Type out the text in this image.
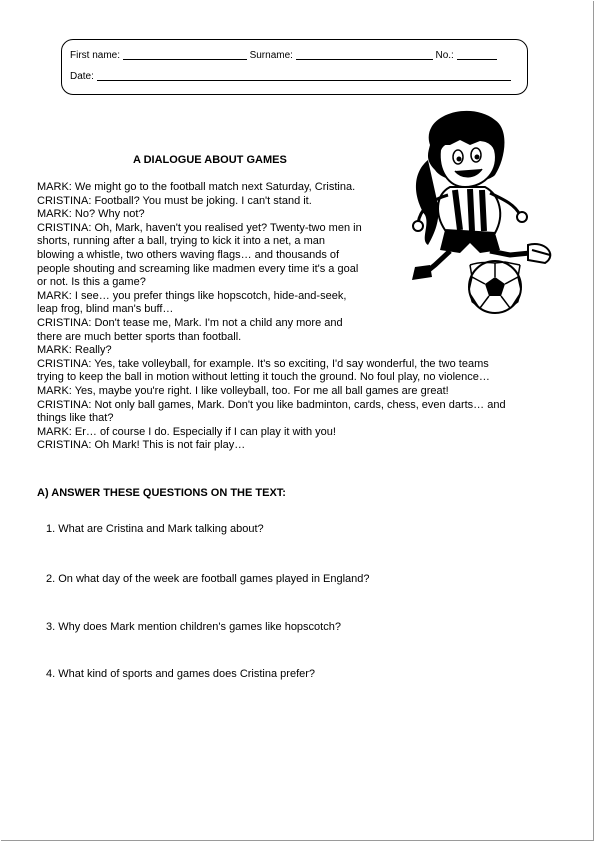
First name:	Surname:	No.:
Date:
A DIALOGUE ABOUT GAMES
MARK: We might go to the football match next Saturday, Cristina.
CRISTINA: Football? You must be joking. I can't stand it.
MARK: No? Why not?
CRISTINA: Oh, Mark, haven't you realised yet? Twenty-two men in
shorts, running after a ball, trying to kick it into a net, a man
blowing a whistle, two others waving flags… and thousands of
people shouting and screaming like madmen every time it's a goal
or not. Is this a game?
MARK: I see… you prefer things like hopscotch, hide-and-seek,
leap frog, blind man's buff…
CRISTINA: Don't tease me, Mark. I'm not a child any more and
there are much better sports than football.
MARK: Really?
CRISTINA: Yes, take volleyball, for example. It's so exciting, I'd say wonderful, the two teams
trying to keep the ball in motion without letting it touch the ground. No foul play, no violence…
MARK: Yes, maybe you're right. I like volleyball, too. For me all ball games are great!
CRISTINA: Not only ball games, Mark. Don't you like badminton, cards, chess, even darts… and
things like that?
MARK: Er… of course I do. Especially if I can play it with you!
CRISTINA: Oh Mark! This is not fair play…
A) ANSWER THESE QUESTIONS ON THE TEXT:
1. What are Cristina and Mark talking about?
2. On what day of the week are football games played in England?
3. Why does Mark mention children's games like hopscotch?
4. What kind of sports and games does Cristina prefer?
